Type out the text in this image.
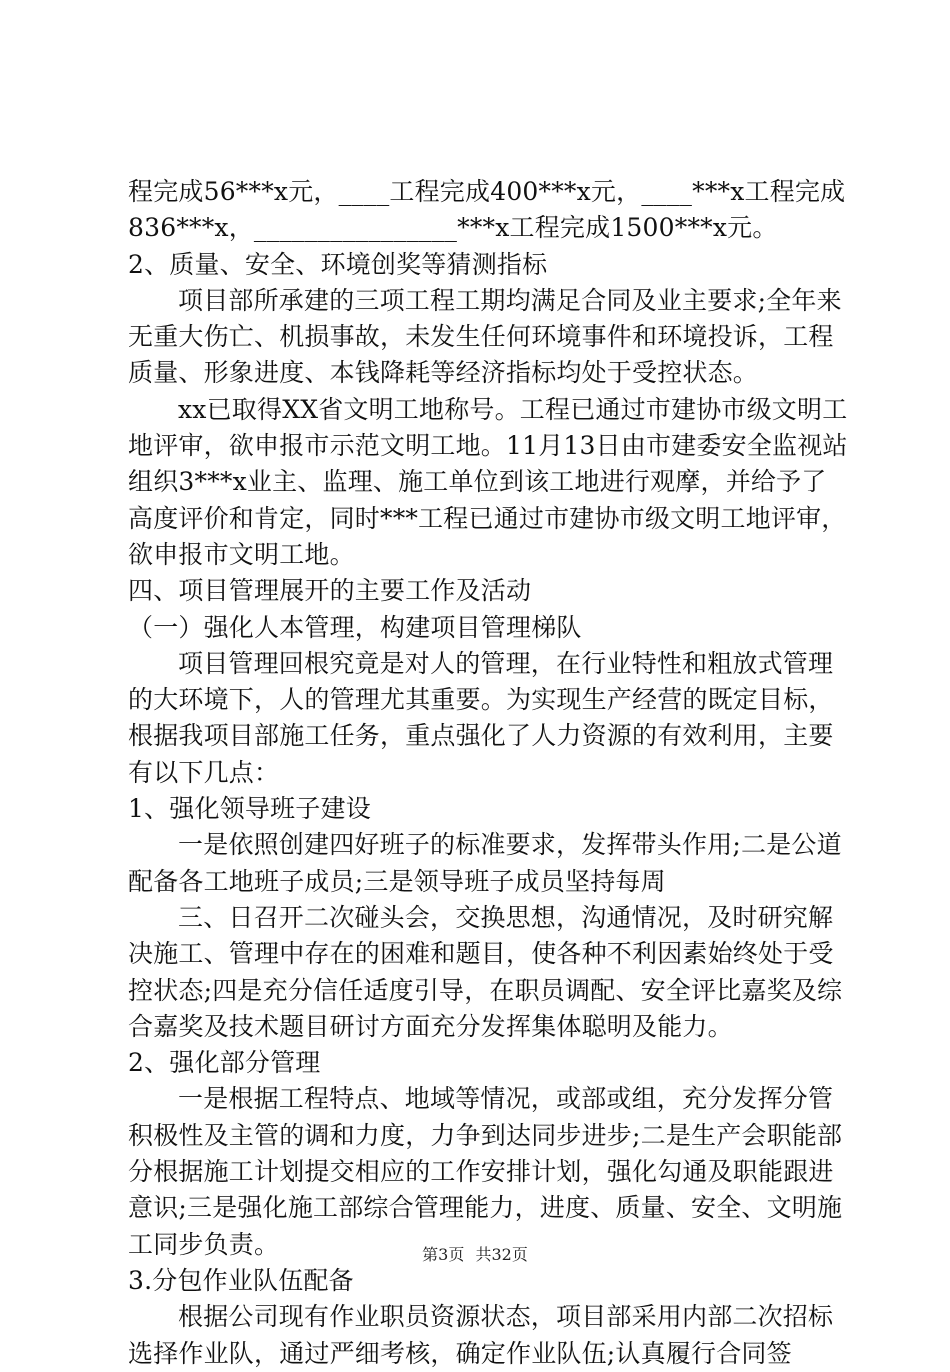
程完成56***x元，____工程完成400***x元，____***x工程完成836***x，________________***x工程完成1500***x元。

2、质量、安全、环境创奖等猜测指标

项目部所承建的三项工程工期均满足合同及业主要求;全年来无重大伤亡、机损事故，未发生任何环境事件和环境投诉，工程质量、形象进度、本钱降耗等经济指标均处于受控状态。

xx已取得XX省文明工地称号。工程已通过市建协市级文明工地评审，欲申报市示范文明工地。11月13日由市建委安全监视站组织3***x业主、监理、施工单位到该工地进行观摩，并给予了高度评价和肯定，同时***工程已通过市建协市级文明工地评审，欲申报市文明工地。

四、项目管理展开的主要工作及活动

（一）强化人本管理，构建项目管理梯队

项目管理回根究竟是对人的管理，在行业特性和粗放式管理的大环境下，人的管理尤其重要。为实现生产经营的既定目标，根据我项目部施工任务，重点强化了人力资源的有效利用，主要有以下几点：

1、强化领导班子建设

一是依照创建四好班子的标准要求，发挥带头作用;二是公道配备各工地班子成员;三是领导班子成员坚持每周

三、日召开二次碰头会，交换思想，沟通情况，及时研究解决施工、管理中存在的困难和题目，使各种不利因素始终处于受控状态;四是充分信任适度引导，在职员调配、安全评比嘉奖及综合嘉奖及技术题目研讨方面充分发挥集体聪明及能力。

2、强化部分管理

一是根据工程特点、地域等情况，或部或组，充分发挥分管积极性及主管的调和力度，力争到达同步进步;二是生产会职能部分根据施工计划提交相应的工作安排计划，强化勾通及职能跟进意识;三是强化施工部综合管理能力，进度、质量、安全、文明施工同步负责。

3.分包作业队伍配备

根据公司现有作业职员资源状态，项目部采用内部二次招标选择作业队，通过严细考核，确定作业队伍;认真履行合同签

第3页 共32页
